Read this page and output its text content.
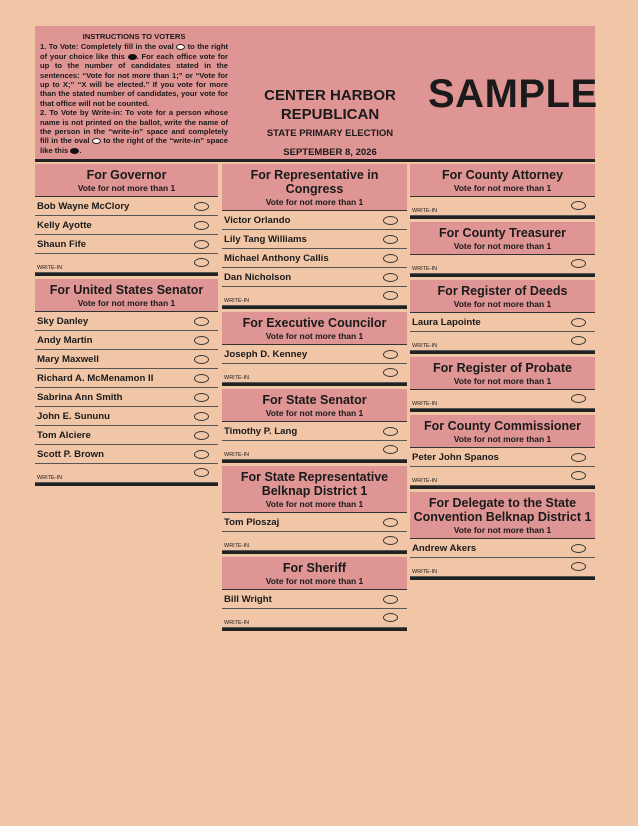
INSTRUCTIONS TO VOTERS

1. To Vote: Completely fill in the oval to the right of your choice like this . For each office vote for up to the number of candidates stated in the sentences: “Vote for not more than 1;” or “Vote for up to X;” “X will be elected.” If you vote for more than the stated number of candidates, your vote for that office will not be counted.

2. To Vote by Write-in: To vote for a person whose name is not printed on the ballot, write the name of the person in the “write-in” space and completely fill in the oval to the right of the “write-in” space like this .

CENTER HARBOR
REPUBLICAN
STATE PRIMARY ELECTION
SEPTEMBER 8, 2026
SAMPLE
For Governor
Vote for not more than 1
Bob Wayne McClory
Kelly Ayotte
Shaun Fife
WRITE-IN
For United States Senator
Vote for not more than 1
Sky Danley
Andy Martin
Mary Maxwell
Richard A. McMenamon II
Sabrina Ann Smith
John E. Sununu
Tom Alciere
Scott P. Brown
WRITE-IN
For Representative in Congress
Vote for not more than 1
Victor Orlando
Lily Tang Williams
Michael Anthony Callis
Dan Nicholson
WRITE-IN
For Executive Councilor
Vote for not more than 1
Joseph D. Kenney
WRITE-IN
For State Senator
Vote for not more than 1
Timothy P. Lang
WRITE-IN
For State Representative Belknap District 1
Vote for not more than 1
Tom Ploszaj
WRITE-IN
For Sheriff
Vote for not more than 1
Bill Wright
WRITE-IN
For County Attorney
Vote for not more than 1
WRITE-IN
For County Treasurer
Vote for not more than 1
WRITE-IN
For Register of Deeds
Vote for not more than 1
Laura Lapointe
WRITE-IN
For Register of Probate
Vote for not more than 1
WRITE-IN
For County Commissioner
Vote for not more than 1
Peter John Spanos
WRITE-IN
For Delegate to the State Convention Belknap District 1
Vote for not more than 1
Andrew Akers
WRITE-IN
